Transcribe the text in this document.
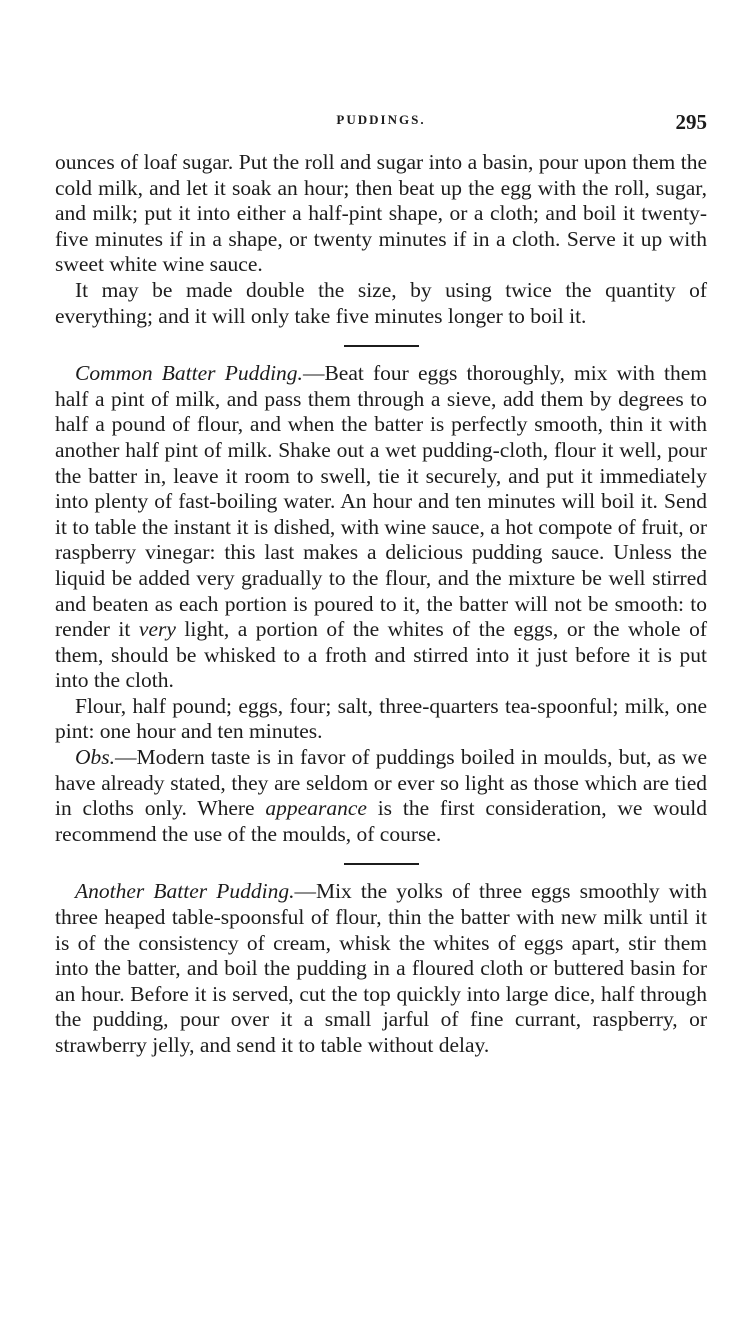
PUDDINGS.	295

ounces of loaf sugar. Put the roll and sugar into a basin, pour upon them the cold milk, and let it soak an hour; then beat up the egg with the roll, sugar, and milk; put it into either a half-pint shape, or a cloth; and boil it twenty-five minutes if in a shape, or twenty minutes if in a cloth. Serve it up with sweet white wine sauce.

It may be made double the size, by using twice the quantity of everything; and it will only take five minutes longer to boil it.

Common Batter Pudding.—Beat four eggs thoroughly, mix with them half a pint of milk, and pass them through a sieve, add them by degrees to half a pound of flour, and when the batter is perfectly smooth, thin it with another half pint of milk. Shake out a wet pudding-cloth, flour it well, pour the batter in, leave it room to swell, tie it securely, and put it immediately into plenty of fast-boiling water. An hour and ten minutes will boil it. Send it to table the instant it is dished, with wine sauce, a hot compote of fruit, or raspberry vinegar: this last makes a delicious pudding sauce. Unless the liquid be added very gradually to the flour, and the mixture be well stirred and beaten as each portion is poured to it, the batter will not be smooth: to render it very light, a portion of the whites of the eggs, or the whole of them, should be whisked to a froth and stirred into it just before it is put into the cloth.

Flour, half pound; eggs, four; salt, three-quarters tea-spoonful; milk, one pint: one hour and ten minutes.

Obs.—Modern taste is in favor of puddings boiled in moulds, but, as we have already stated, they are seldom or ever so light as those which are tied in cloths only. Where appearance is the first consideration, we would recommend the use of the moulds, of course.

Another Batter Pudding.—Mix the yolks of three eggs smoothly with three heaped table-spoonsful of flour, thin the batter with new milk until it is of the consistency of cream, whisk the whites of eggs apart, stir them into the batter, and boil the pudding in a floured cloth or buttered basin for an hour. Before it is served, cut the top quickly into large dice, half through the pudding, pour over it a small jarful of fine currant, raspberry, or strawberry jelly, and send it to table without delay.
